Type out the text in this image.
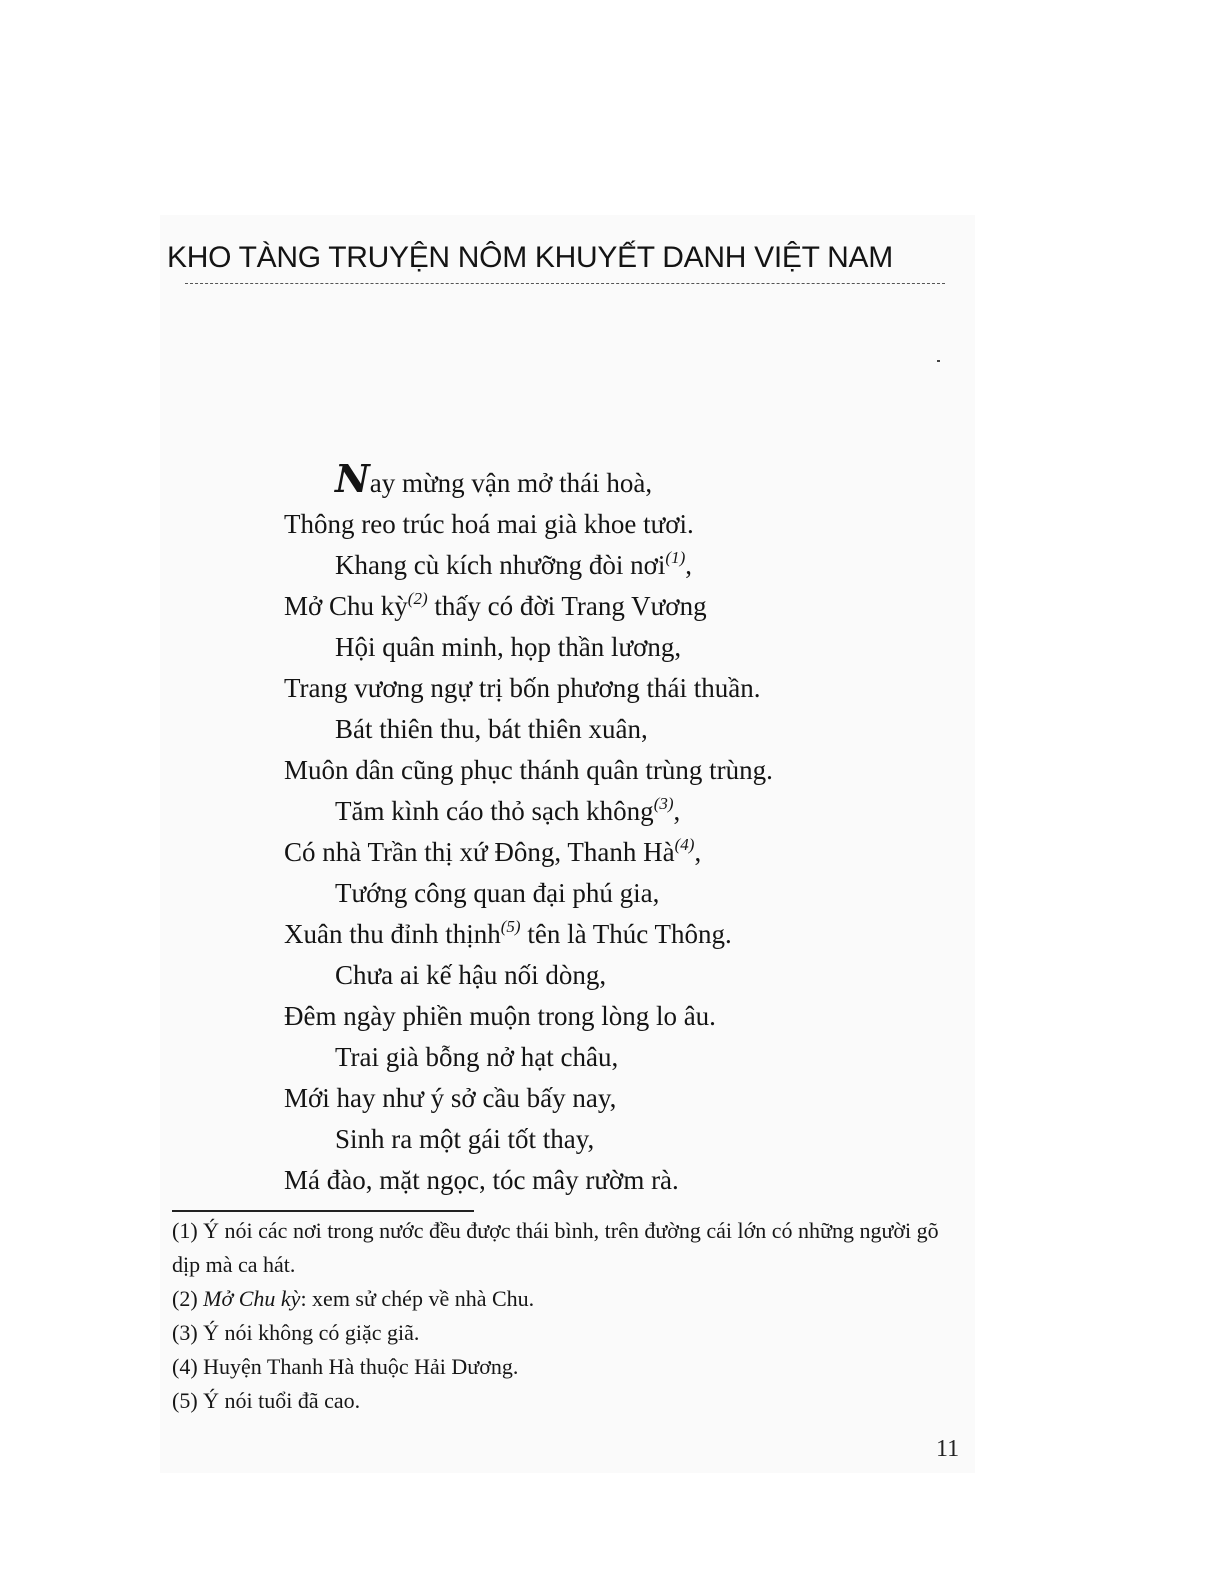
KHO TÀNG TRUYỆN NÔM KHUYẾT DANH VIỆT NAM
Nay mừng vận mở thái hoà,
Thông reo trúc hoá mai già khoe tươi.
Khang cù kích nhưỡng đòi nơi$^{(1)}$,
Mở Chu kỳ$^{(2)}$ thấy có đời Trang Vương
Hội quân minh, họp thần lương,
Trang vương ngự trị bốn phương thái thuần.
Bát thiên thu, bát thiên xuân,
Muôn dân cũng phục thánh quân trùng trùng.
Tăm kình cáo thỏ sạch không$^{(3)}$,
Có nhà Trần thị xứ Đông, Thanh Hà$^{(4)}$,
Tướng công quan đại phú gia,
Xuân thu đỉnh thịnh$^{(5)}$ tên là Thúc Thông.
Chưa ai kế hậu nối dòng,
Đêm ngày phiền muộn trong lòng lo âu.
Trai già bỗng nở hạt châu,
Mới hay như ý sở cầu bấy nay,
Sinh ra một gái tốt thay,
Má đào, mặt ngọc, tóc mây rườm rà.

(1) Ý nói các nơi trong nước đều được thái bình, trên đường cái lớn có những người gõ dịp mà ca hát.

(2) Mở Chu kỳ: xem sử chép về nhà Chu.

(3) Ý nói không có giặc giã.

(4) Huyện Thanh Hà thuộc Hải Dương.

(5) Ý nói tuổi đã cao.

11
